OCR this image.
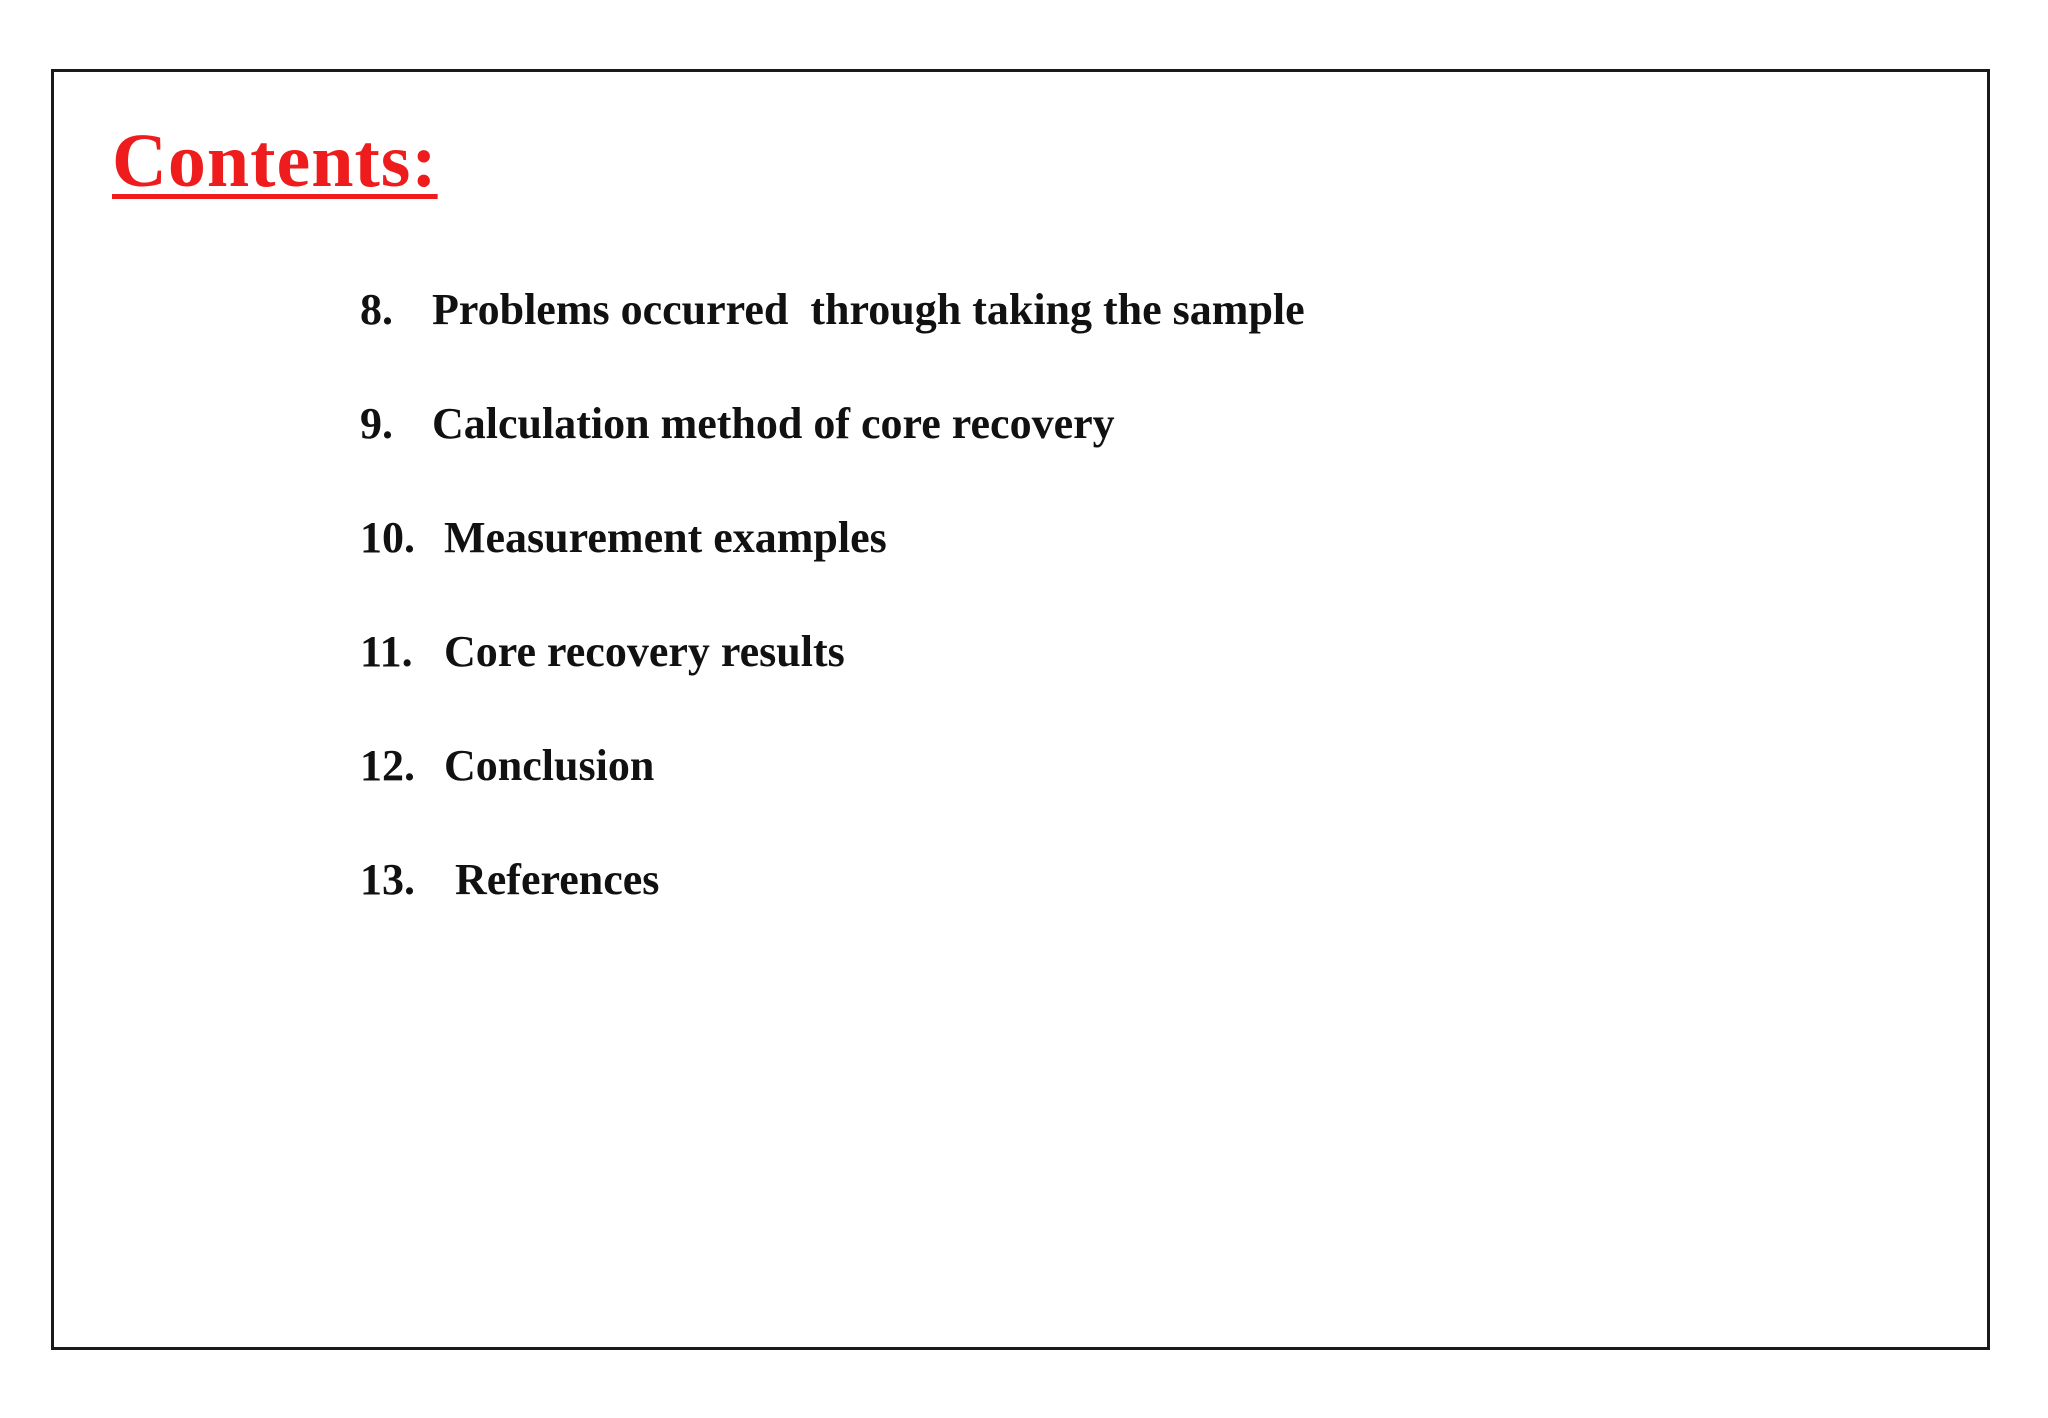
Contents:
8. Problems occurred  through taking the sample
9. Calculation method of core recovery
10. Measurement examples
11. Core recovery results
12. Conclusion
13. References
